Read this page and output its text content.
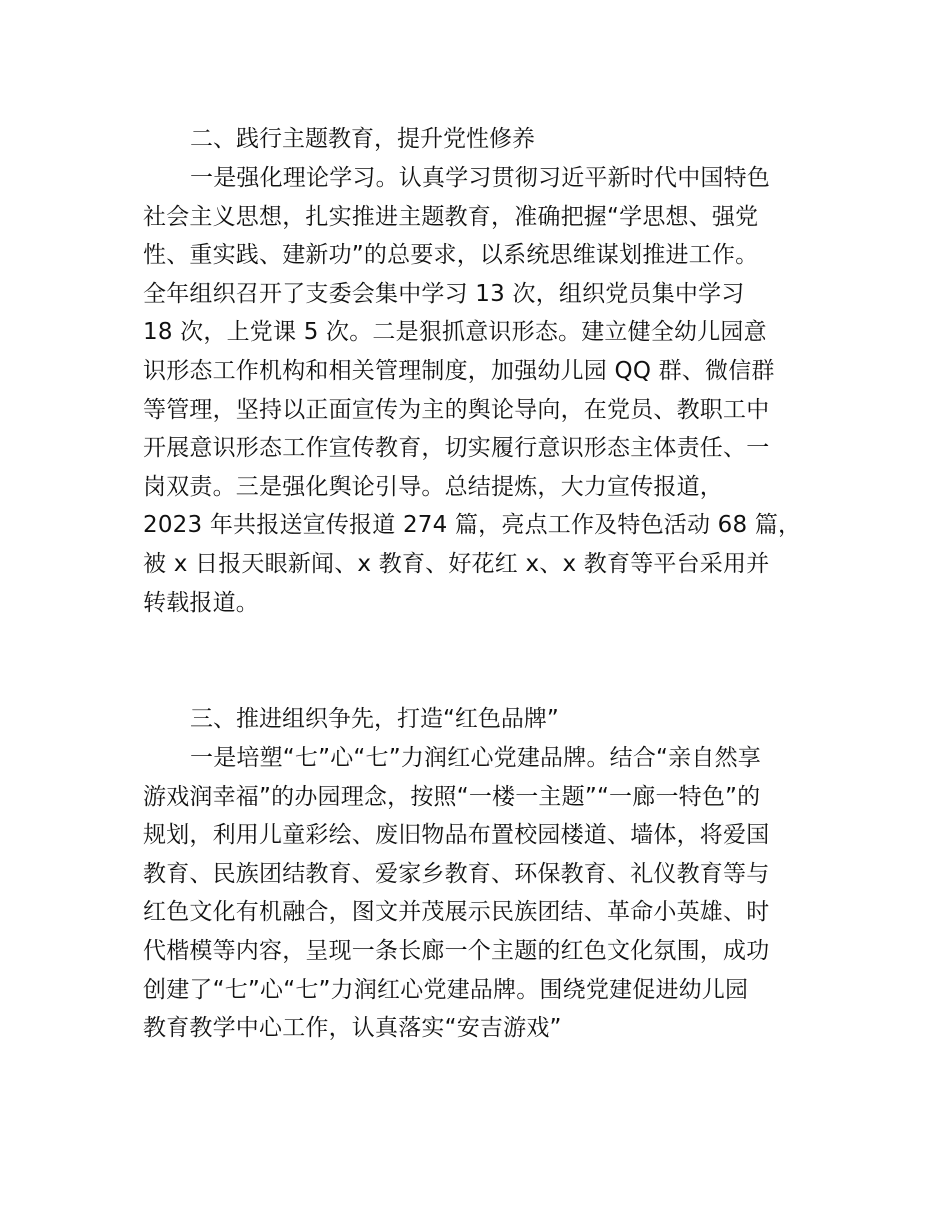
二、践行主题教育，提升党性修养
一是强化理论学习。认真学习贯彻习近平新时代中国特色
社会主义思想，扎实推进主题教育，准确把握“学思想、强党
性、重实践、建新功”的总要求，以系统思维谋划推进工作。
全年组织召开了支委会集中学习 13 次，组织党员集中学习
18 次，上党课 5 次。二是狠抓意识形态。建立健全幼儿园意
识形态工作机构和相关管理制度，加强幼儿园 QQ 群、微信群
等管理，坚持以正面宣传为主的舆论导向，在党员、教职工中
开展意识形态工作宣传教育，切实履行意识形态主体责任、一
岗双责。三是强化舆论引导。总结提炼，大力宣传报道，
2023 年共报送宣传报道 274 篇，亮点工作及特色活动 68 篇，
被 x 日报天眼新闻、x 教育、好花红 x、x 教育等平台采用并
转载报道。
三、推进组织争先，打造“红色品牌”
一是培塑“七”心“七”力润红心党建品牌。结合“亲自然享
游戏润幸福”的办园理念，按照“一楼一主题”“一廊一特色”的
规划，利用儿童彩绘、废旧物品布置校园楼道、墙体，将爱国
教育、民族团结教育、爱家乡教育、环保教育、礼仪教育等与
红色文化有机融合，图文并茂展示民族团结、革命小英雄、时
代楷模等内容，呈现一条长廊一个主题的红色文化氛围，成功
创建了“七”心“七”力润红心党建品牌。围绕党建促进幼儿园
教育教学中心工作，认真落实“安吉游戏”
